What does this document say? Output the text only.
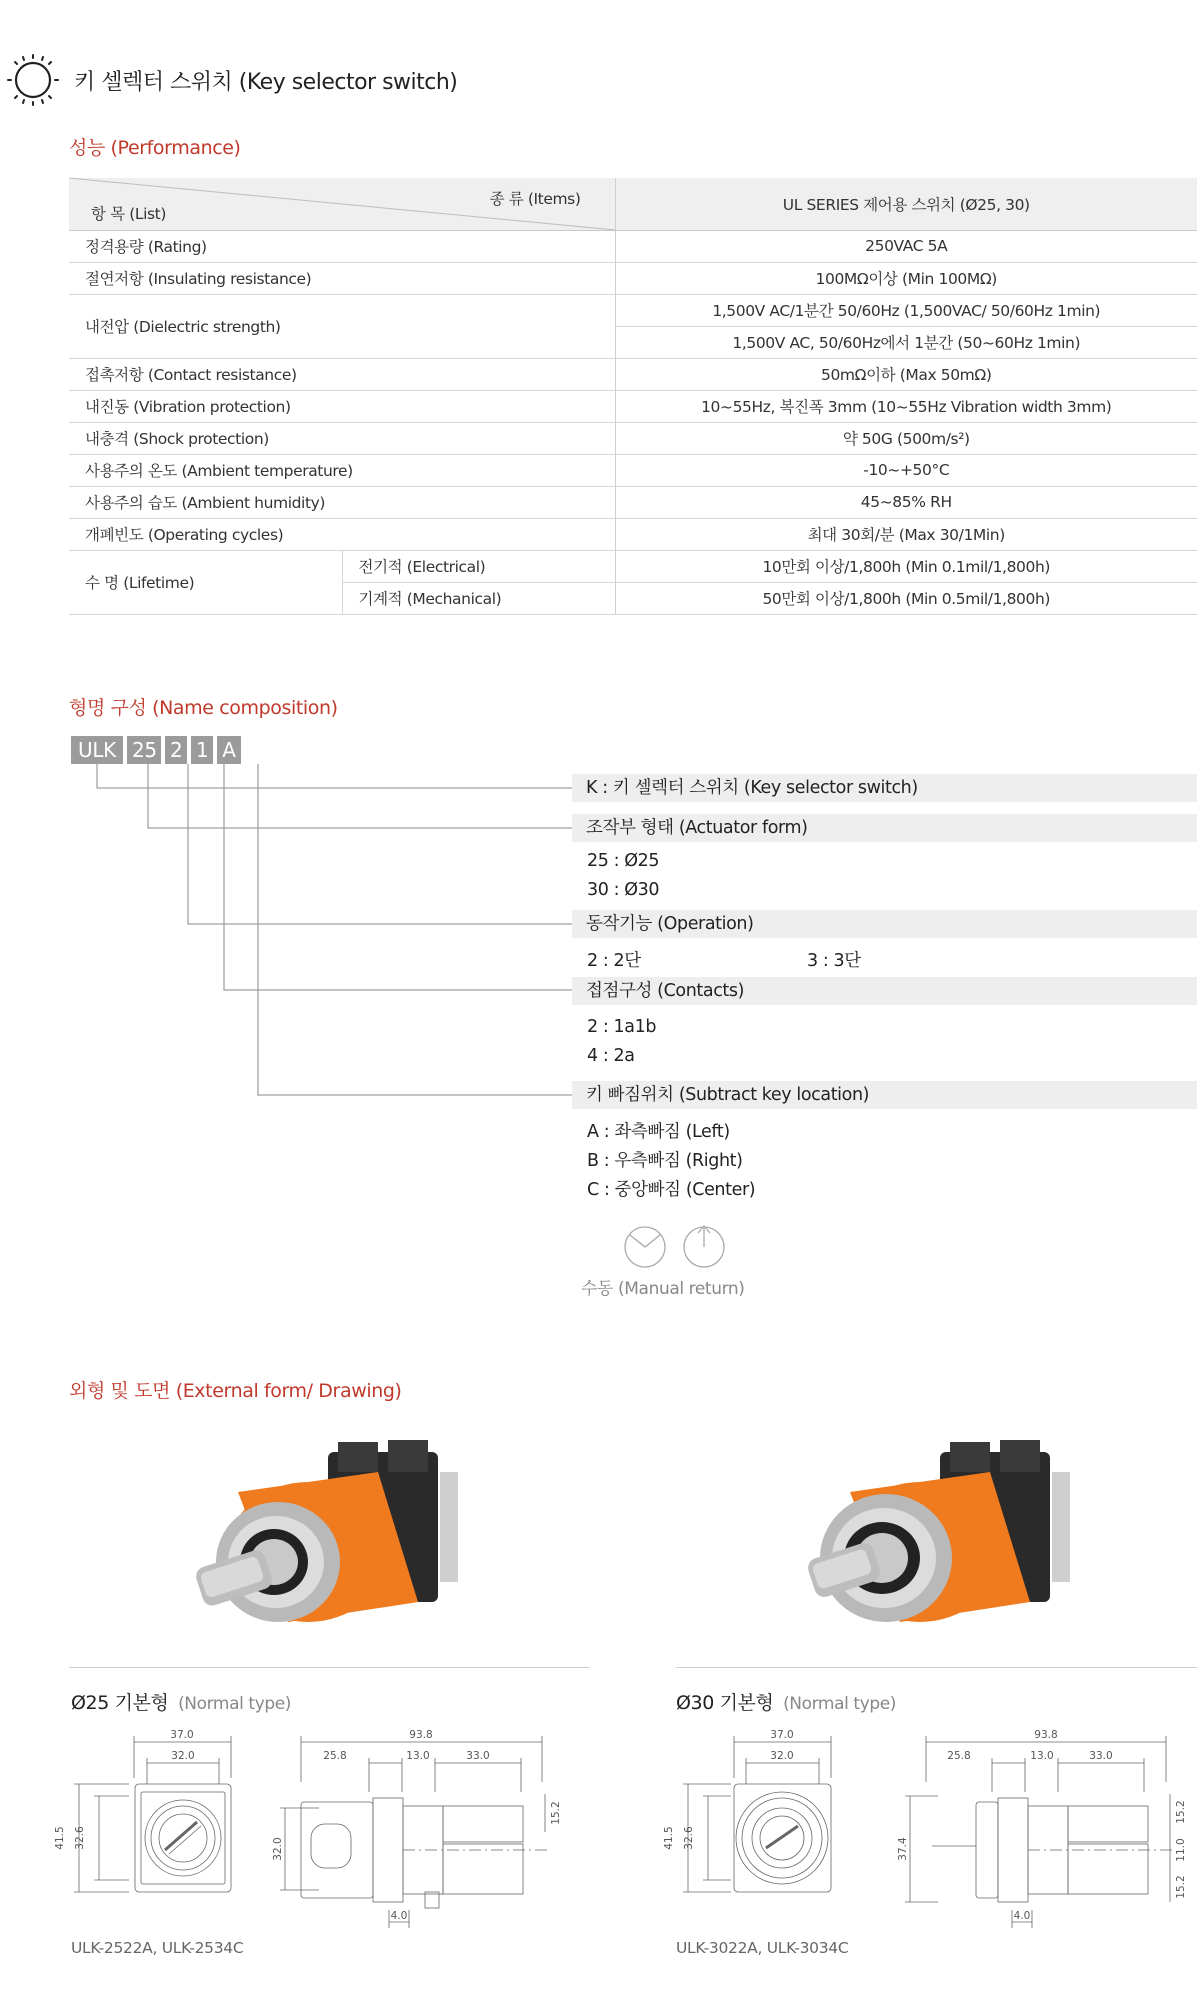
키 셀렉터 스위치 (Key selector switch)
성능 (Performance)
종 류 (Items)
항 목 (List)		UL SERIES 제어용 스위치 (Ø25, 30)
정격용량 (Rating)		250VAC 5A
절연저항 (Insulating resistance)		100MΩ이상 (Min 100MΩ)
내전압 (Dielectric strength)		1,500V AC/1분간 50/60Hz (1,500VAC/ 50/60Hz 1min)
		1,500V AC, 50/60Hz에서 1분간 (50~60Hz 1min)
접촉저항 (Contact resistance)		50mΩ이하 (Max 50mΩ)
내진동 (Vibration protection)		10~55Hz, 복진폭 3mm (10~55Hz Vibration width 3mm)
내충격 (Shock protection)		약 50G (500m/s²)
사용주의 온도 (Ambient temperature)		-10~+50°C
사용주의 습도 (Ambient humidity)		45~85% RH
개폐빈도 (Operating cycles)		최대 30회/분 (Max 30/1Min)
수 명 (Lifetime)	전기적 (Electrical)	10만회 이상/1,800h (Min 0.1mil/1,800h)
	기계적 (Mechanical)	50만회 이상/1,800h (Min 0.5mil/1,800h)
형명 구성 (Name composition)
ULK 25 2 1 A
K : 키 셀렉터 스위치 (Key selector switch)
조작부 형태 (Actuator form)
25 : Ø25
30 : Ø30
동작기능 (Operation)
2 : 2단	3 : 3단
접점구성 (Contacts)
2 : 1a1b
4 : 2a
키 빠짐위치 (Subtract key location)
A : 좌측빠짐 (Left)
B : 우측빠짐 (Right)
C : 중앙빠짐 (Center)
수동 (Manual return)
외형 및 도면 (External form/ Drawing)
Ø25 기본형 (Normal type)	Ø30 기본형 (Normal type)
37.0
32.0
41.5 32.6
93.8
25.8	13.0	33.0
32.0
15.2
4.0
37.0
32.0
41.5 32.6
93.8
25.8	13.0	33.0
37.4
15.2
11.0
15.2
4.0
ULK-2522A, ULK-2534C	ULK-3022A, ULK-3034C
